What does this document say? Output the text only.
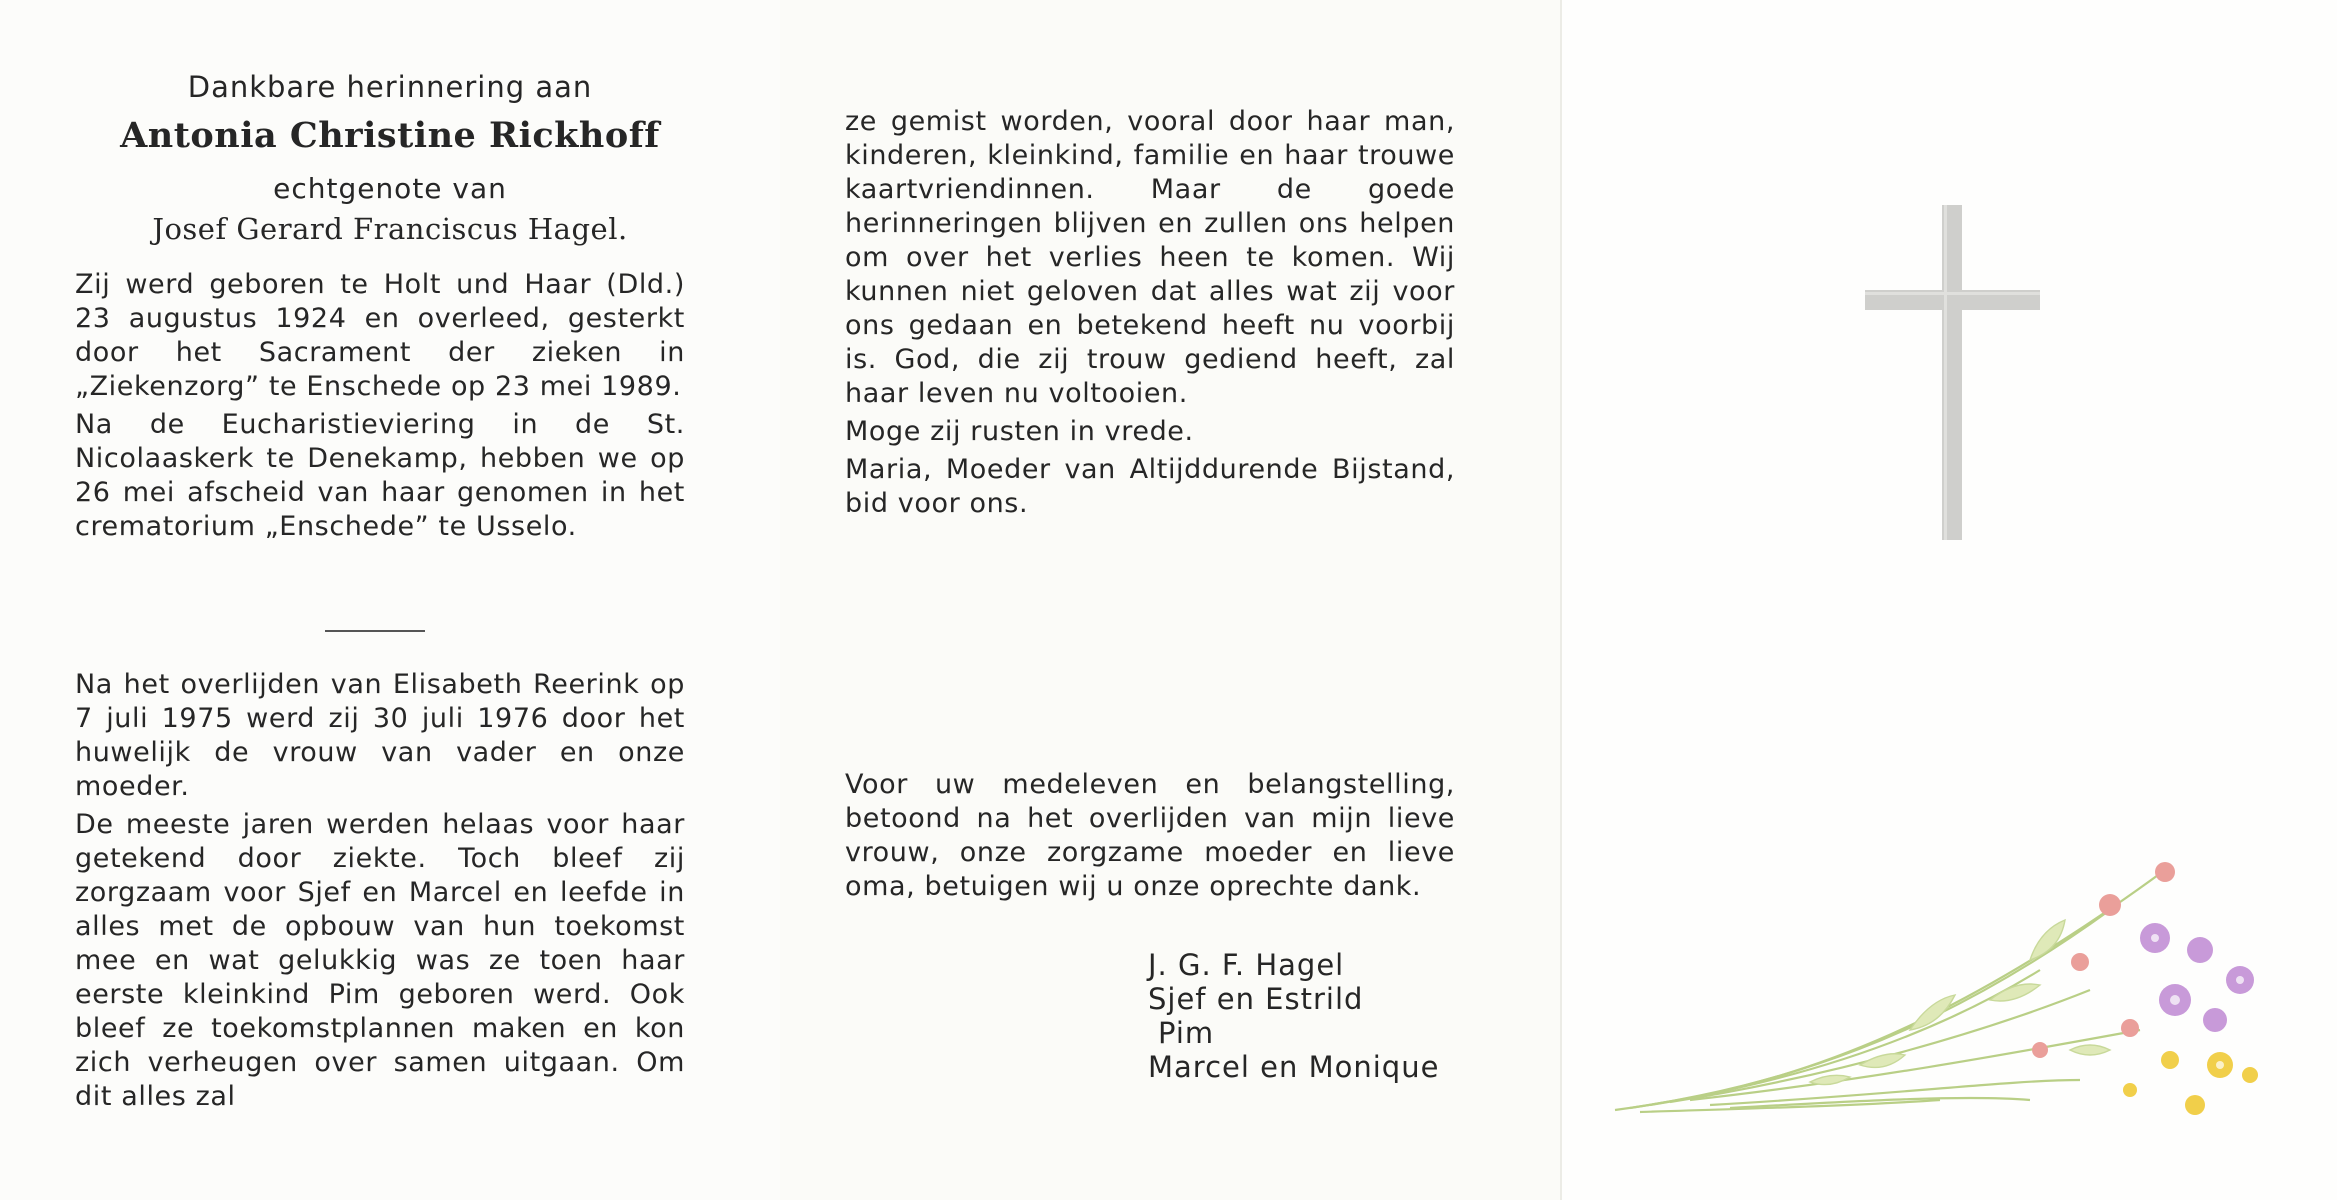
Dankbare herinnering aan
Antonia Christine Rickhoff
echtgenote van
Josef Gerard Franciscus Hagel.

Zij werd geboren te Holt und Haar (Dld.) 23 augustus 1924 en overleed, gesterkt door het Sacrament der zieken in „Ziekenzorg” te Enschede op 23 mei 1989.

Na de Eucharistieviering in de St. Nicolaaskerk te Denekamp, hebben we op 26 mei afscheid van haar genomen in het crematorium „Enschede” te Usselo.

Na het overlijden van Elisabeth Reerink op 7 juli 1975 werd zij 30 juli 1976 door het huwelijk de vrouw van vader en onze moeder.

De meeste jaren werden helaas voor haar getekend door ziekte. Toch bleef zij zorgzaam voor Sjef en Marcel en leefde in alles met de opbouw van hun toekomst mee en wat gelukkig was ze toen haar eerste kleinkind Pim geboren werd. Ook bleef ze toekomstplannen maken en kon zich verheugen over samen uitgaan. Om dit alles zal

ze gemist worden, vooral door haar man, kinderen, kleinkind, familie en haar trouwe kaartvriendinnen. Maar de goede herinneringen blijven en zullen ons helpen om over het verlies heen te komen. Wij kunnen niet geloven dat alles wat zij voor ons gedaan en betekend heeft nu voorbij is. God, die zij trouw gediend heeft, zal haar leven nu voltooien.

Moge zij rusten in vrede.

Maria, Moeder van Altijddurende Bijstand, bid voor ons.

Voor uw medeleven en belangstelling, betoond na het overlijden van mijn lieve vrouw, onze zorgzame moeder en lieve oma, betuigen wij u onze oprechte dank.

J. G. F. Hagel
Sjef en Estrild
Pim
Marcel en Monique
